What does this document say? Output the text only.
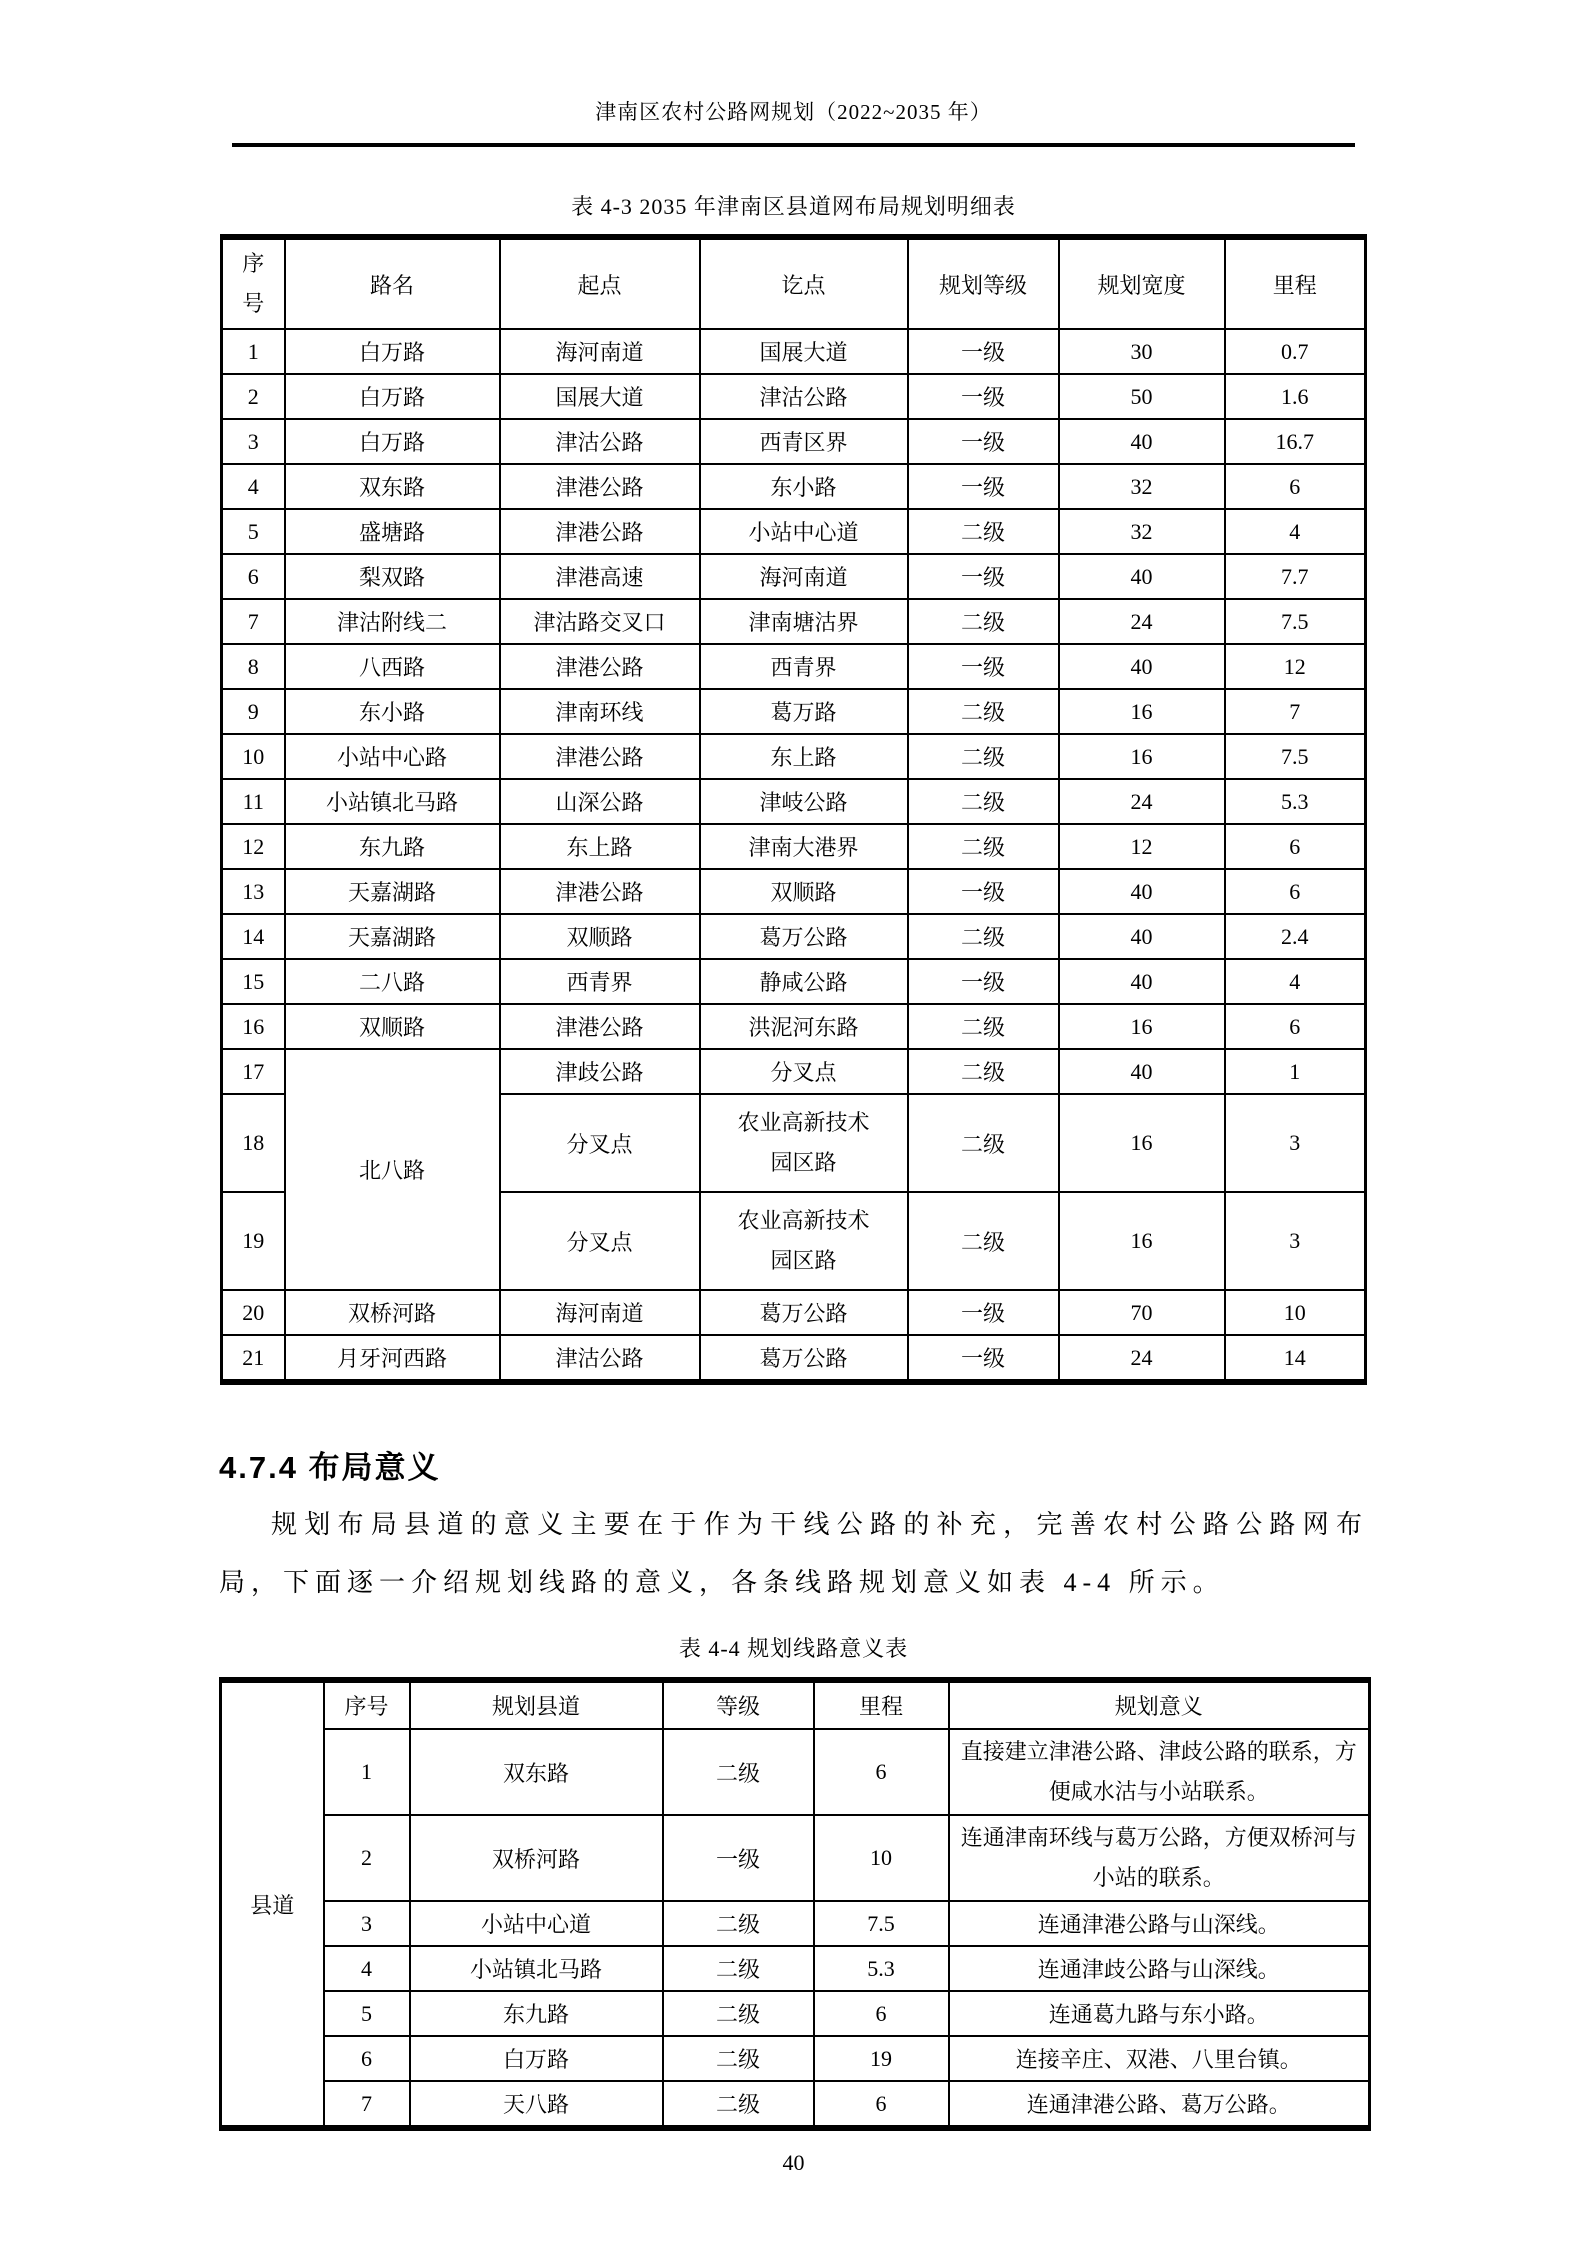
津南区农村公路网规划（2022~2035 年）
表 4-3 2035 年津南区县道网布局规划明细表
序号	路名	起点	讫点	规划等级	规划宽度	里程
1	白万路	海河南道	国展大道	一级	30	0.7
2	白万路	国展大道	津沽公路	一级	50	1.6
3	白万路	津沽公路	西青区界	一级	40	16.7
4	双东路	津港公路	东小路	一级	32	6
5	盛塘路	津港公路	小站中心道	二级	32	4
6	梨双路	津港高速	海河南道	一级	40	7.7
7	津沽附线二	津沽路交叉口	津南塘沽界	二级	24	7.5
8	八西路	津港公路	西青界	一级	40	12
9	东小路	津南环线	葛万路	二级	16	7
10	小站中心路	津港公路	东上路	二级	16	7.5
11	小站镇北马路	山深公路	津岐公路	二级	24	5.3
12	东九路	东上路	津南大港界	二级	12	6
13	天嘉湖路	津港公路	双顺路	一级	40	6
14	天嘉湖路	双顺路	葛万公路	二级	40	2.4
15	二八路	西青界	静咸公路	一级	40	4
16	双顺路	津港公路	洪泥河东路	二级	16	6
17	北八路	津歧公路	分叉点	二级	40	1
18		分叉点	农业高新技术园区路	二级	16	3
19		分叉点	农业高新技术园区路	二级	16	3
20	双桥河路	海河南道	葛万公路	一级	70	10
21	月牙河西路	津沽公路	葛万公路	一级	24	14
4.7.4 布局意义
规划布局县道的意义主要在于作为干线公路的补充，完善农村公路公路网布局，下面逐一介绍规划线路的意义，各条线路规划意义如表 4-4 所示。
表 4-4 规划线路意义表
县道	序号	规划县道	等级	里程	规划意义
	1	双东路	二级	6	直接建立津港公路、津歧公路的联系，方便咸水沽与小站联系。
	2	双桥河路	一级	10	连通津南环线与葛万公路，方便双桥河与小站的联系。
	3	小站中心道	二级	7.5	连通津港公路与山深线。
	4	小站镇北马路	二级	5.3	连通津歧公路与山深线。
	5	东九路	二级	6	连通葛九路与东小路。
	6	白万路	二级	19	连接辛庄、双港、八里台镇。
	7	天八路	二级	6	连通津港公路、葛万公路。
40
